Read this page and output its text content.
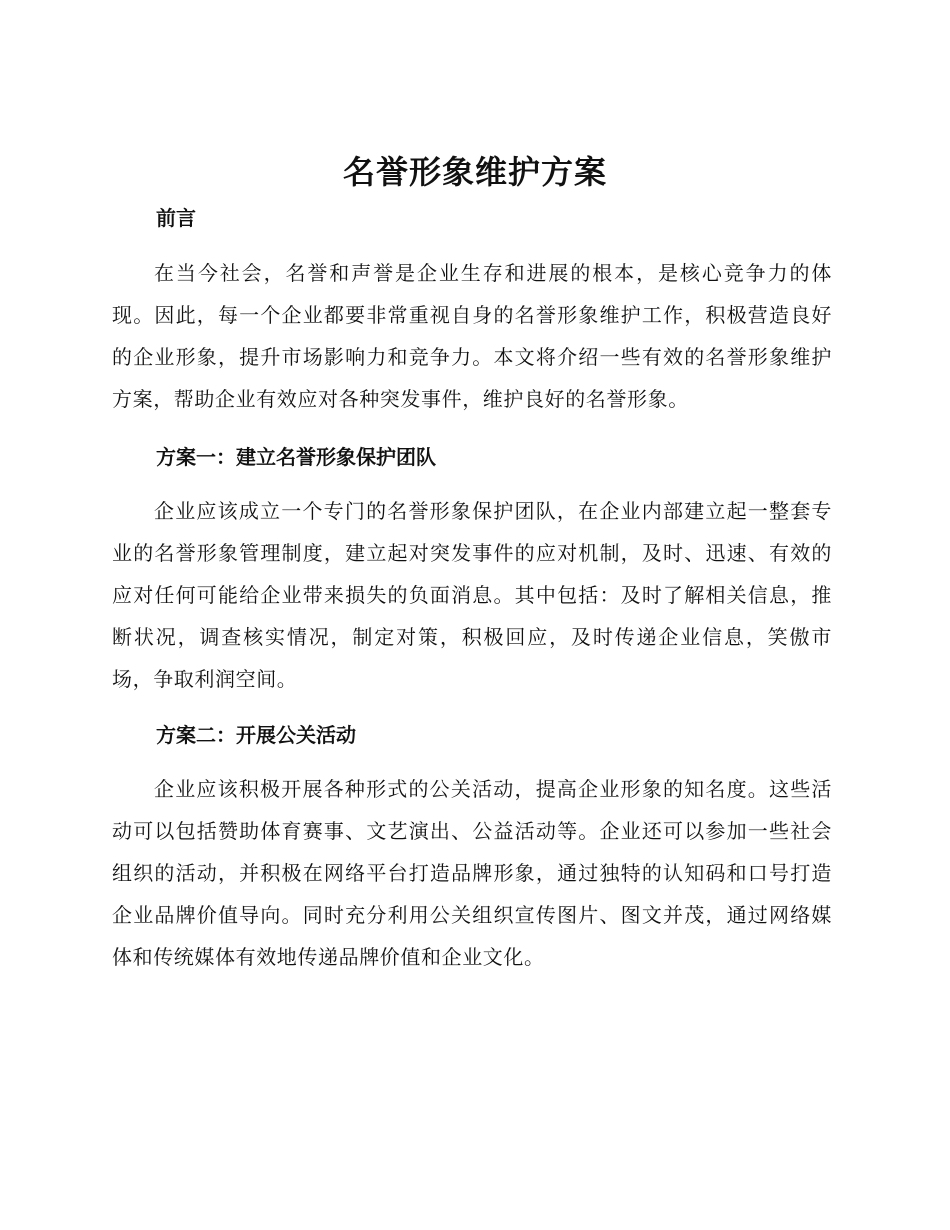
名誉形象维护方案
前言

在当今社会，名誉和声誉是企业生存和进展的根本，是核心竞争力的体现。因此，每一个企业都要非常重视自身的名誉形象维护工作，积极营造良好的企业形象，提升市场影响力和竞争力。本文将介绍一些有效的名誉形象维护方案，帮助企业有效应对各种突发事件，维护良好的名誉形象。

方案一：建立名誉形象保护团队

企业应该成立一个专门的名誉形象保护团队，在企业内部建立起一整套专业的名誉形象管理制度，建立起对突发事件的应对机制，及时、迅速、有效的应对任何可能给企业带来损失的负面消息。其中包括：及时了解相关信息，推断状况，调查核实情况，制定对策，积极回应，及时传递企业信息，笑傲市场，争取利润空间。

方案二：开展公关活动

企业应该积极开展各种形式的公关活动，提高企业形象的知名度。这些活动可以包括赞助体育赛事、文艺演出、公益活动等。企业还可以参加一些社会组织的活动，并积极在网络平台打造品牌形象，通过独特的认知码和口号打造企业品牌价值导向。同时充分利用公关组织宣传图片、图文并茂，通过网络媒体和传统媒体有效地传递品牌价值和企业文化。
